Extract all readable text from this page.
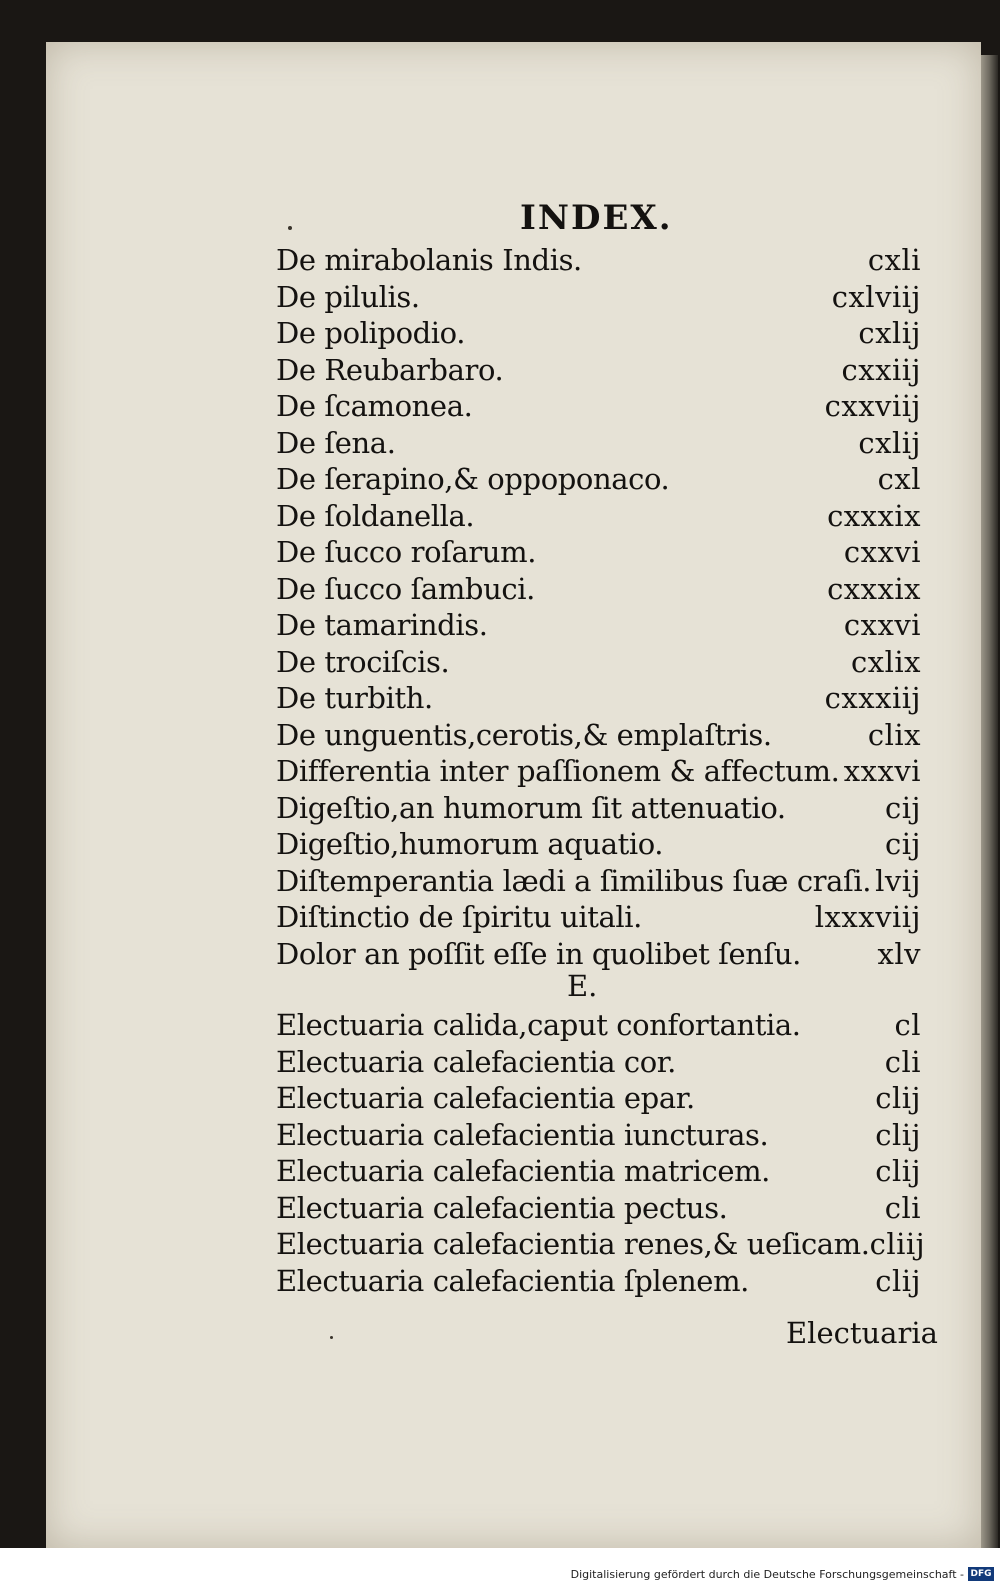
INDEX.
De mirabolanis Indis.	cxli
De pilulis.	cxlviij
De polipodio.	cxlij
De Reubarbaro.	cxxiij
De ſcamonea.	cxxviij
De ſena.	cxlij
De ſerapino,& oppoponaco.	cxl
De ſoldanella.	cxxxix
De ſucco roſarum.	cxxvi
De ſucco ſambuci.	cxxxix
De tamarindis.	cxxvi
De trociſcis.	cxlix
De turbith.	cxxxiij
De unguentis,cerotis,& emplaſtris.	clix
Differentia inter paſſionem & affectum. xxxvi
Digeſtio,an humorum ſit attenuatio.	cij
Digeſtio,humorum aquatio.	cij
Diſtemperantia lædi a ſimilibus ſuæ craſi. lvij
Diſtinctio de ſpiritu uitali.	lxxxviij
Dolor an poſſit eſſe in quolibet ſenſu.	xlv
E.
Electuaria calida,caput confortantia.	cl
Electuaria calefacientia cor.	cli
Electuaria calefacientia epar.	clij
Electuaria calefacientia iuncturas.	clij
Electuaria calefacientia matricem.	clij
Electuaria calefacientia pectus.	cli
Electuaria calefacientia renes,& ueſicam. cliij
Electuaria calefacientia ſplenem.	clij
Electuaria
Digitalisierung gefördert durch die Deutsche Forschungsgemeinschaft - DFG
